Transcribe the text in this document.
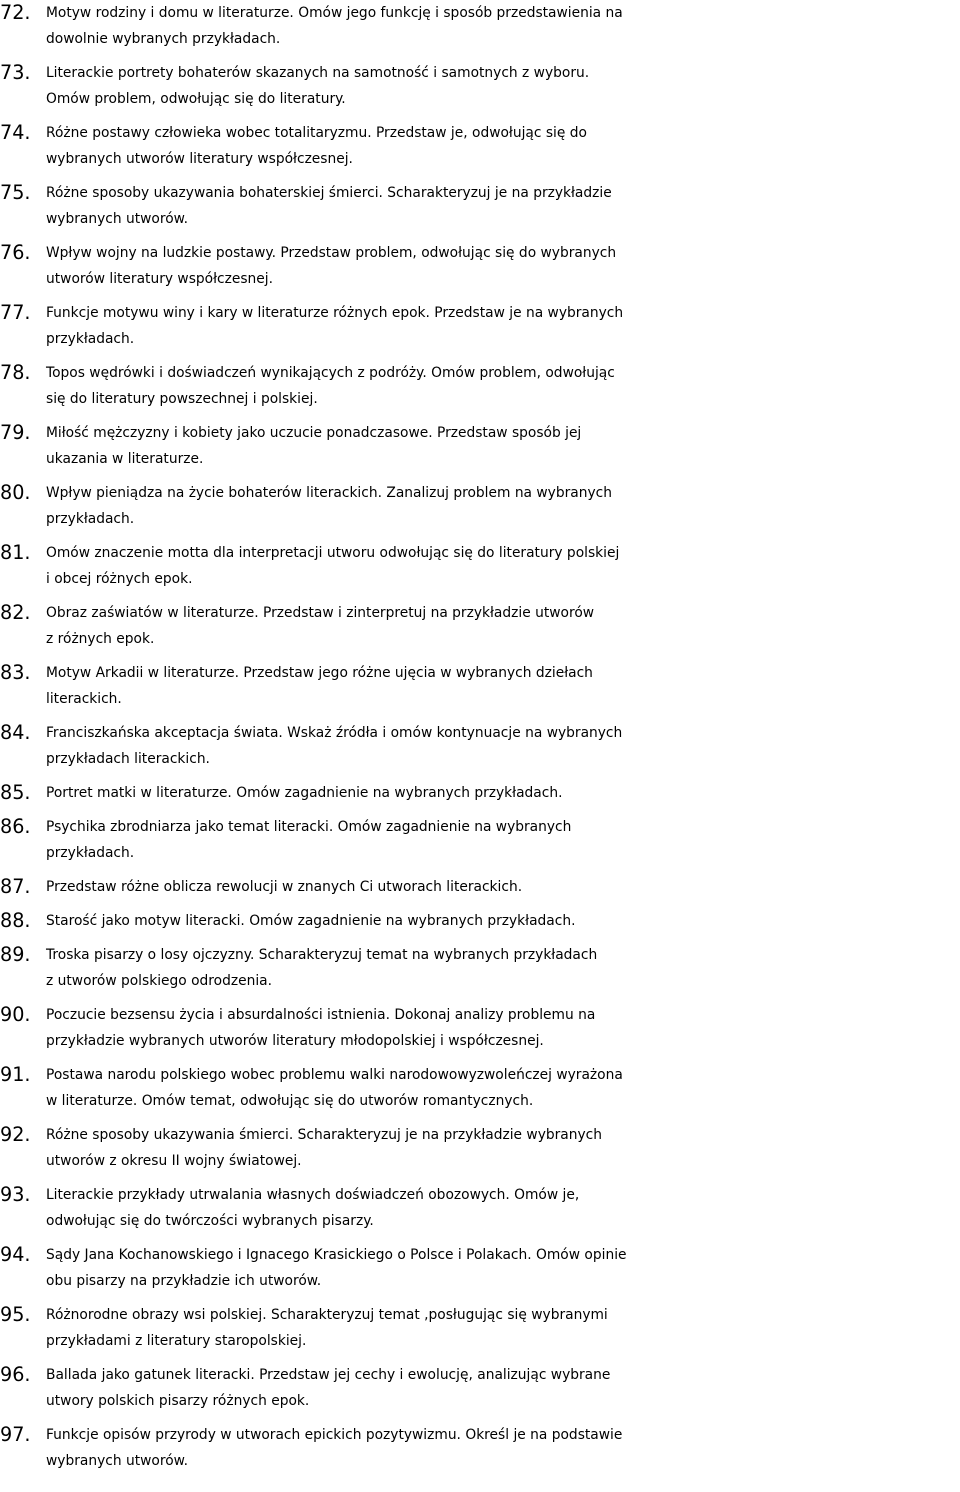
72.	Motyw rodziny i domu w literaturze. Omów jego funkcję i sposób przedstawienia na
dowolnie wybranych przykładach.
73.	Literackie portrety bohaterów skazanych na samotność i samotnych z wyboru.
Omów problem, odwołując się do literatury.
74.	Różne postawy człowieka wobec totalitaryzmu. Przedstaw je, odwołując się do
wybranych utworów literatury współczesnej.
75.	Różne sposoby ukazywania bohaterskiej śmierci. Scharakteryzuj je na przykładzie
wybranych utworów.
76.	Wpływ wojny na ludzkie postawy. Przedstaw problem, odwołując się do wybranych
utworów literatury współczesnej.
77.	Funkcje motywu winy i kary w literaturze różnych epok. Przedstaw je na wybranych
przykładach.
78.	Topos wędrówki i doświadczeń wynikających z podróży. Omów problem, odwołując
się do literatury powszechnej i polskiej.
79.	Miłość mężczyzny i kobiety jako uczucie ponadczasowe. Przedstaw sposób jej
ukazania w literaturze.
80.	Wpływ pieniądza na życie bohaterów literackich. Zanalizuj problem na wybranych
przykładach.
81.	Omów znaczenie motta dla interpretacji utworu odwołując się do literatury polskiej
i obcej różnych epok.
82.	Obraz zaświatów w literaturze. Przedstaw i zinterpretuj na przykładzie utworów
z różnych epok.
83.	Motyw Arkadii w literaturze. Przedstaw jego różne ujęcia w wybranych dziełach
literackich.
84.	Franciszkańska akceptacja świata. Wskaż źródła i omów kontynuacje na wybranych
przykładach literackich.
85.	Portret matki w literaturze. Omów zagadnienie na wybranych przykładach.
86.	Psychika zbrodniarza jako temat literacki. Omów zagadnienie na wybranych
przykładach.
87.	Przedstaw różne oblicza rewolucji w znanych Ci utworach literackich.
88.	Starość jako motyw literacki. Omów zagadnienie na wybranych przykładach.
89.	Troska pisarzy o losy ojczyzny. Scharakteryzuj temat na wybranych przykładach
z utworów polskiego odrodzenia.
90.	Poczucie bezsensu życia i absurdalności istnienia. Dokonaj analizy problemu na
przykładzie wybranych utworów literatury młodopolskiej i współczesnej.
91.	Postawa narodu polskiego wobec problemu walki narodowowyzwoleńczej wyrażona
w literaturze. Omów temat, odwołując się do utworów romantycznych.
92.	Różne sposoby ukazywania śmierci. Scharakteryzuj je na przykładzie wybranych
utworów z okresu II wojny światowej.
93.	Literackie przykłady utrwalania własnych doświadczeń obozowych. Omów je,
odwołując się do twórczości wybranych pisarzy.
94.	Sądy Jana Kochanowskiego i Ignacego Krasickiego o Polsce i Polakach. Omów opinie
obu pisarzy na przykładzie ich utworów.
95.	Różnorodne obrazy wsi polskiej. Scharakteryzuj temat ,posługując się wybranymi
przykładami z literatury staropolskiej.
96.	Ballada jako gatunek literacki. Przedstaw jej cechy i ewolucję, analizując wybrane
utwory polskich pisarzy różnych epok.
97.	Funkcje opisów przyrody w utworach epickich pozytywizmu. Określ je na podstawie
wybranych utworów.
